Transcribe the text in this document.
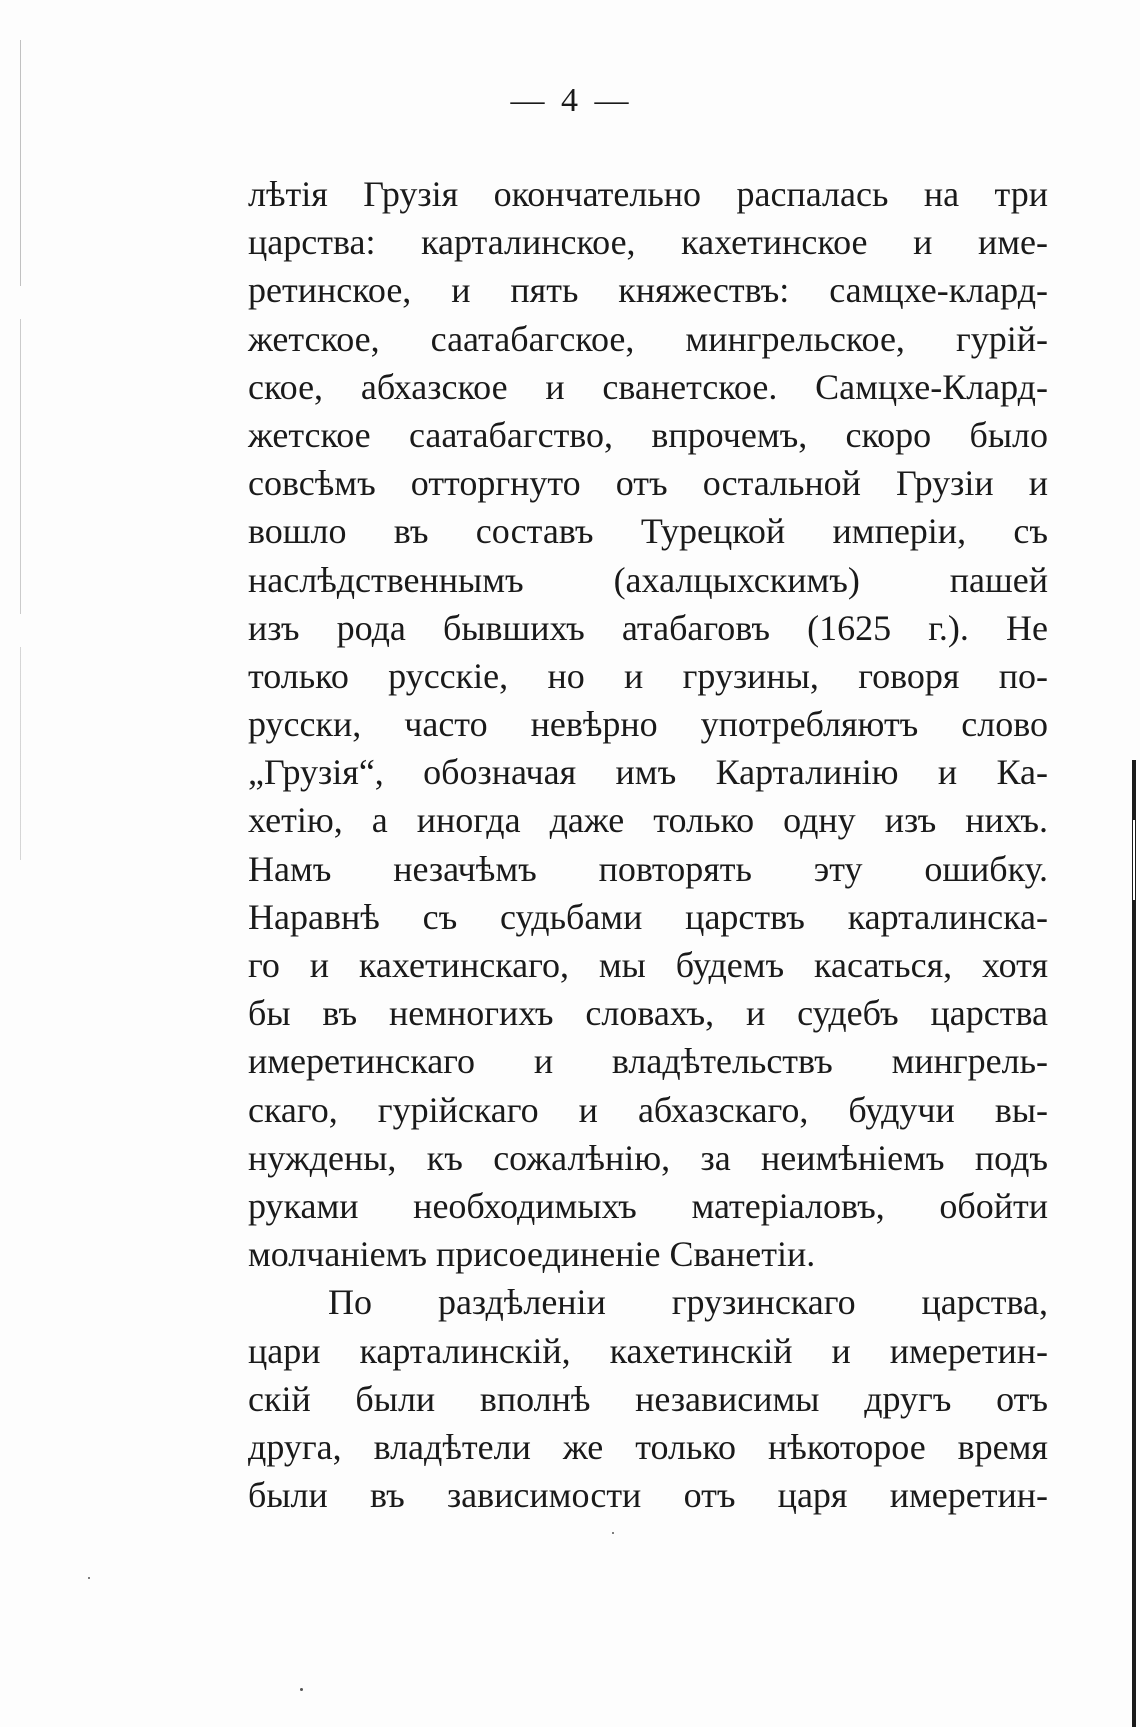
— 4 —
лѣтія Грузія окончательно распалась на три
царства: карталинское, кахетинское и име-
ретинское, и пять княжествъ: самцхе-клард-
жетское, саатабагское, мингрельское, гурій-
ское, абхазское и сванетское. Самцхе-Клард-
жетское саатабагство, впрочемъ, скоро было
совсѣмъ отторгнуто отъ остальной Грузіи и
вошло въ составъ Турецкой имперіи, съ
наслѣдственнымъ (ахалцыхскимъ) пашей
изъ рода бывшихъ атабаговъ (1625 г.). Не
только русскіе, но и грузины, говоря по-
русски, часто невѣрно употребляютъ слово
„Грузія“, обозначая имъ Карталинію и Ка-
хетію, а иногда даже только одну изъ нихъ.
Намъ незачѣмъ повторять эту ошибку.
Наравнѣ съ судьбами царствъ карталинска-
го и кахетинскаго, мы будемъ касаться, хотя
бы въ немногихъ словахъ, и судебъ царства
имеретинскаго и владѣтельствъ мингрель-
скаго, гурійскаго и абхазскаго, будучи вы-
нуждены, къ сожалѣнію, за неимѣніемъ подъ
руками необходимыхъ матеріаловъ, обойти
молчаніемъ присоединеніе Сванетіи.
По раздѣленіи грузинскаго царства,
цари карталинскій, кахетинскій и имеретин-
скій были вполнѣ независимы другъ отъ
друга, владѣтели же только нѣкоторое время
были въ зависимости отъ царя имеретин-
